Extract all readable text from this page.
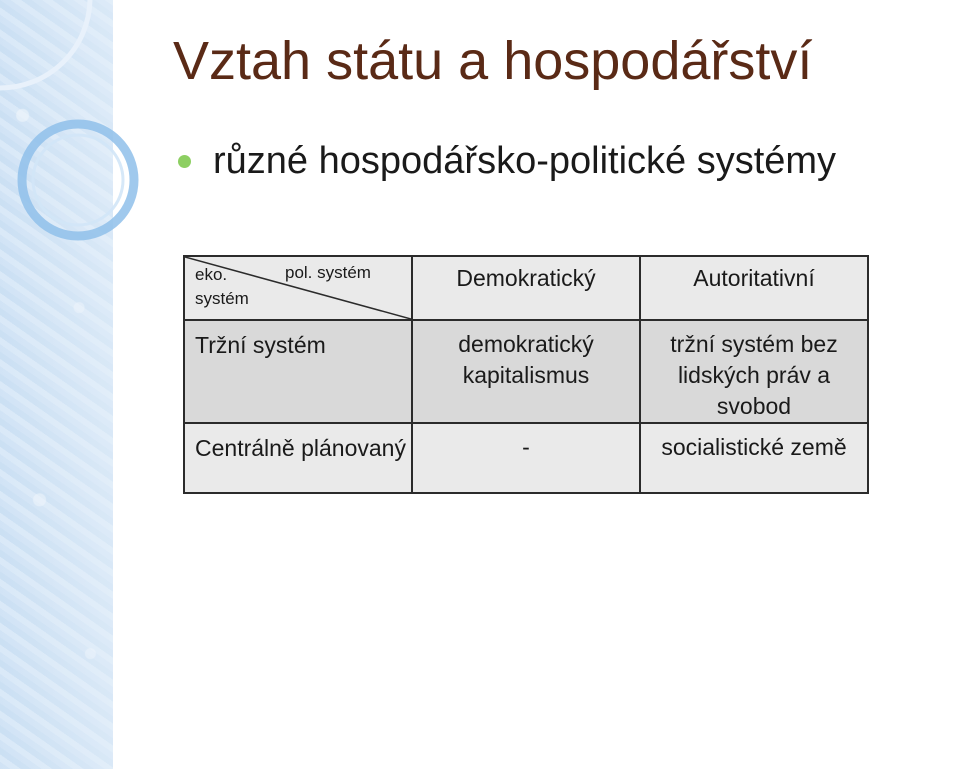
Vztah státu a hospodářství
různé hospodářsko-politické systémy
pol. systém
eko. systém	Demokratický	Autoritativní

Tržní systém	demokratický kapitalismus	tržní systém bez lidských práv a svobod

Centrálně plánovaný	-	socialistické země
